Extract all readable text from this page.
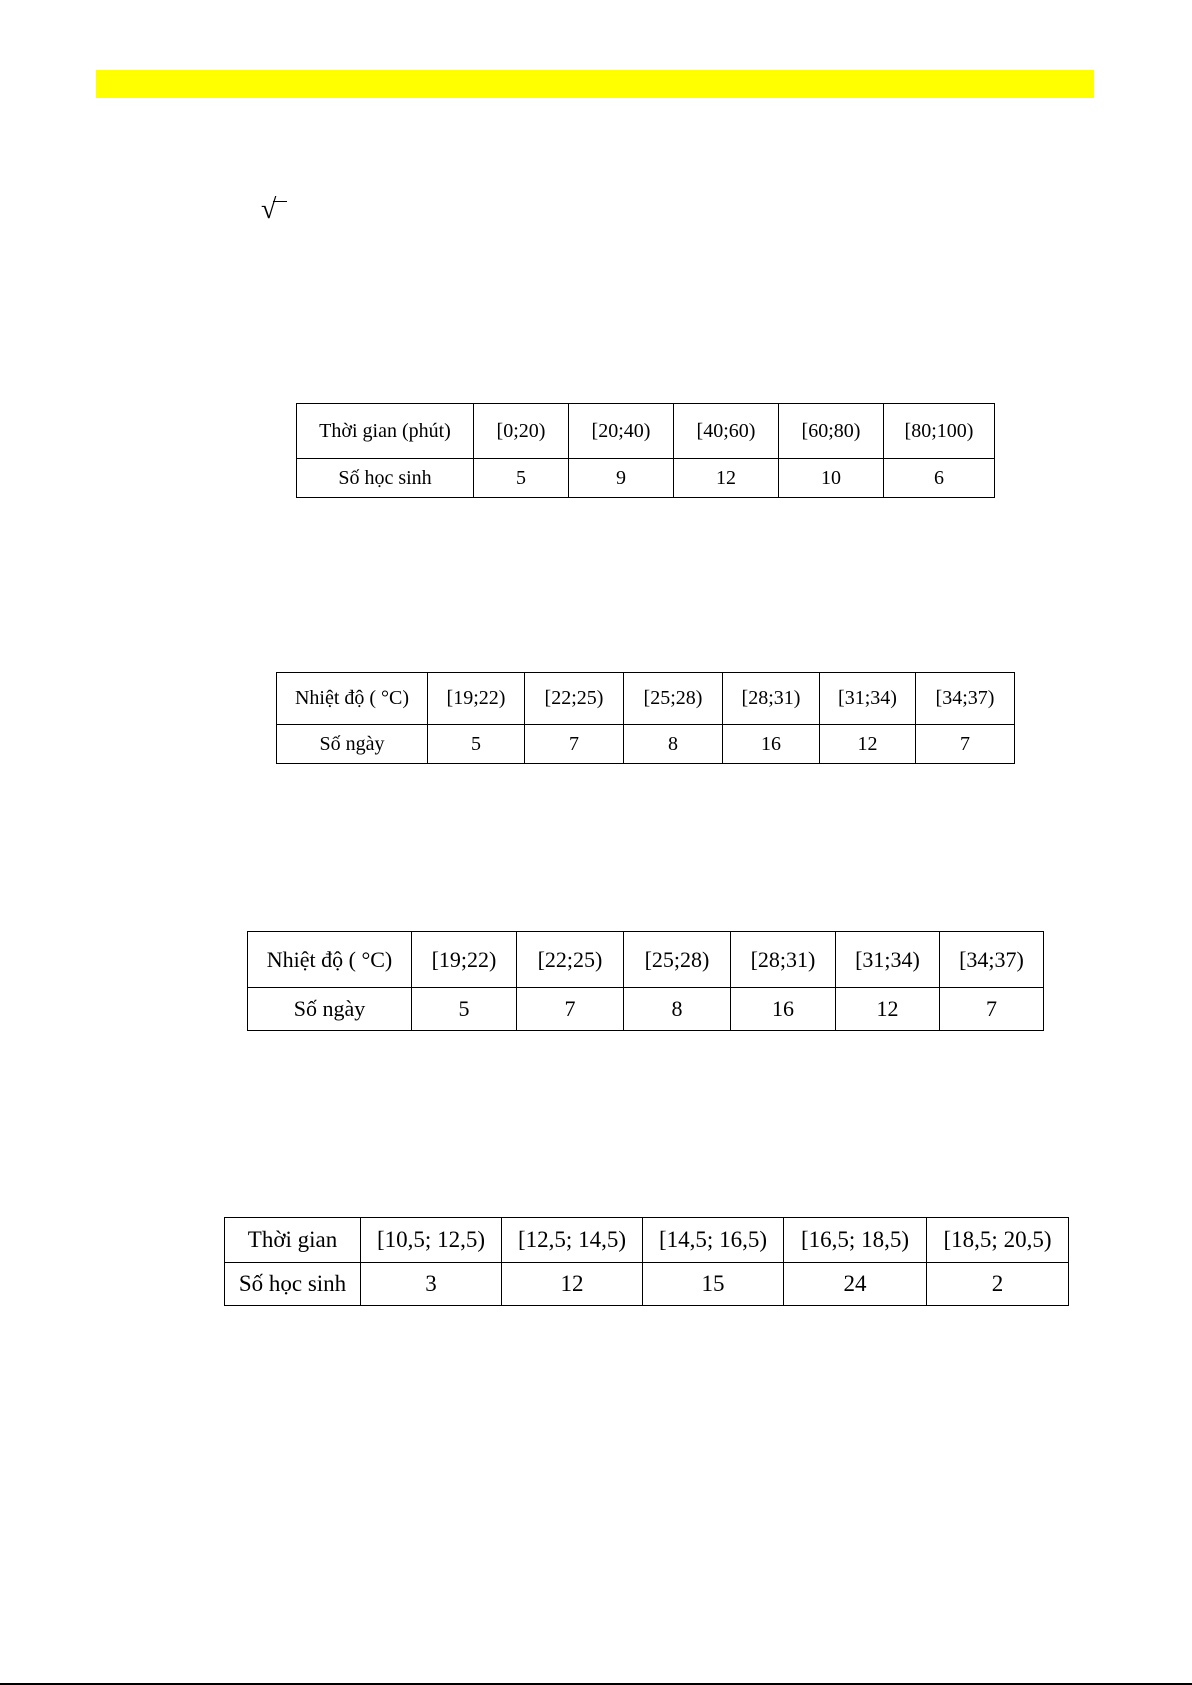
√
Thời gian (phút)	[0;20)	[20;40)	[40;60)	[60;80)	[80;100)
Số học sinh	5	9	12	10	6
Nhiệt độ ( °C)	[19;22)	[22;25)	[25;28)	[28;31)	[31;34)	[34;37)
Số ngày	5	7	8	16	12	7
Nhiệt độ ( °C)	[19;22)	[22;25)	[25;28)	[28;31)	[31;34)	[34;37)
Số ngày	5	7	8	16	12	7
Thời gian	[10,5; 12,5)	[12,5; 14,5)	[14,5; 16,5)	[16,5; 18,5)	[18,5; 20,5)
Số học sinh	3	12	15	24	2
